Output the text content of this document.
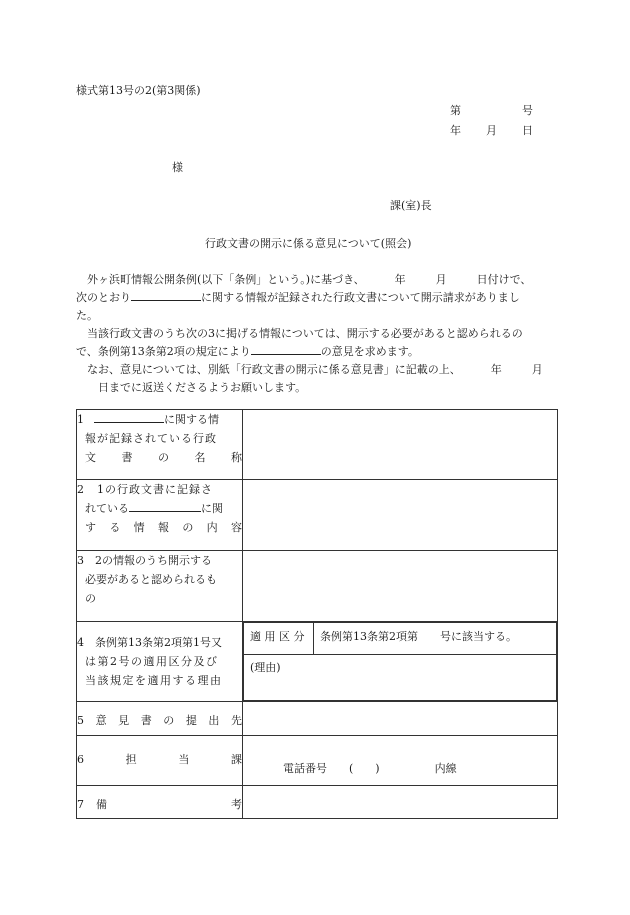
様式第13号の2(第3関係)
第	号
年 月 日
様
課(室)長
行政文書の開示に係る意見について(照会)
外ヶ浜町情報公開条例(以下「条例」という。)に基づき、	年	月	日付けで、
次のとおり	に関する情報が記録された行政文書について開示請求がありまし
た。
当該行政文書のうち次の3に掲げる情報については、開示する必要があると認められるの
で、条例第13条第2項の規定により	の意見を求めます。
なお、意見については、別紙「行政文書の開示に係る意見書」に記載の上、	年	月
日までに返送くださるようお願いします。
1	に関する情
報が記録されている行政
文 書 の 名 称

2　1の行政文書に記録さ
れている	に関
す る 情 報 の 内 容

3　2の情報のうち開示する
必要があると認められるも
の

4　条例第13条第2項第1号又
は第2号の適用区分及び
当該規定を適用する理由

適 用 区 分	条例第13条第2項第　　号に該当する。
(理由)

5 意 見 書 の 提 出 先

6	担	当	課
	電話番号　　(　　)　　　　　内線

7 備	考
